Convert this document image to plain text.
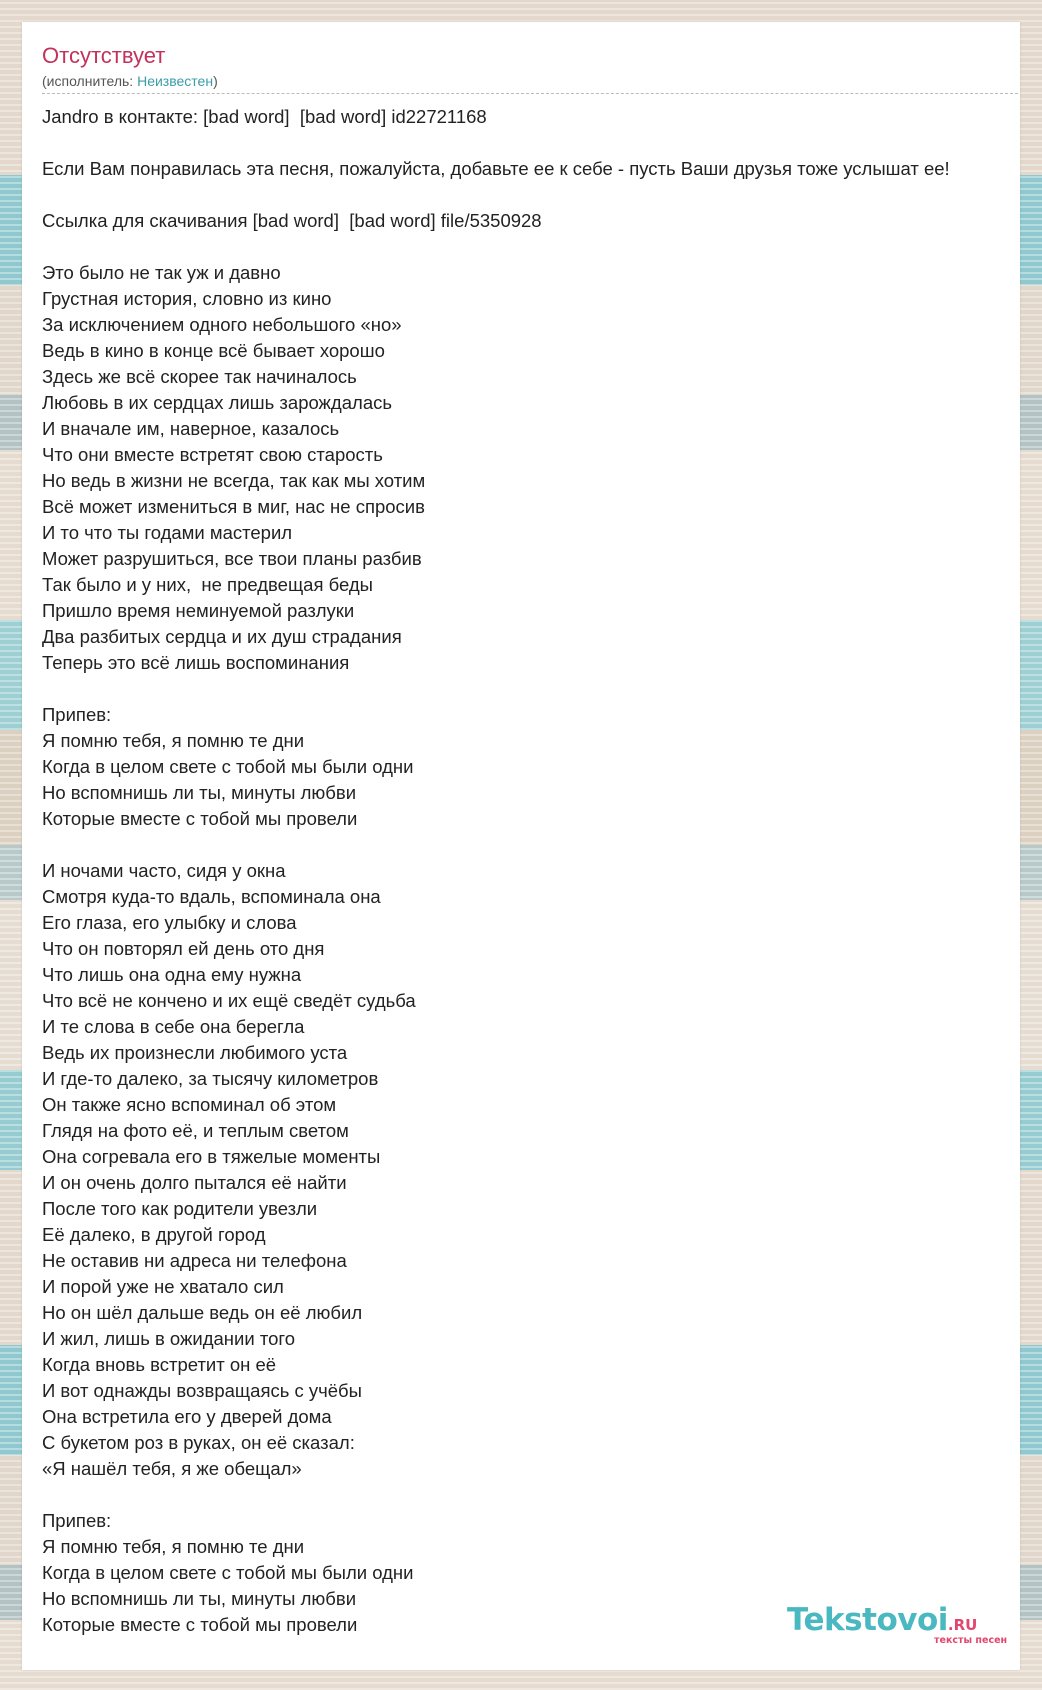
Отсутствует
(исполнитель: Неизвестен)
Jandro в контакте: [bad word]  [bad word] id22721168
Если Вам понравилась эта песня, пожалуйста, добавьте ее к себе - пусть Ваши друзья тоже услышат ее!
Ссылка для скачивания [bad word]  [bad word] file/5350928
Это было не так уж и давно
Грустная история, словно из кино
За исключением одного небольшого «но»
Ведь в кино в конце всё бывает хорошо
Здесь же всё скорее так начиналось
Любовь в их сердцах лишь зарождалась
И вначале им, наверное, казалось
Что они вместе встретят свою старость
Но ведь в жизни не всегда, так как мы хотим
Всё может измениться в миг, нас не спросив
И то что ты годами мастерил
Может разрушиться, все твои планы разбив
Так было и у них,  не предвещая беды
Пришло время неминуемой разлуки
Два разбитых сердца и их душ страдания
Теперь это всё лишь воспоминания
Припев:
Я помню тебя, я помню те дни
Когда в целом свете с тобой мы были одни
Но вспомнишь ли ты, минуты любви
Которые вместе с тобой мы провели
И ночами часто, сидя у окна
Смотря куда-то вдаль, вспоминала она
Его глаза, его улыбку и слова
Что он повторял ей день ото дня
Что лишь она одна ему нужна
Что всё не кончено и их ещё сведёт судьба
И те слова в себе она берегла
Ведь их произнесли любимого уста
И где-то далеко, за тысячу километров
Он также ясно вспоминал об этом
Глядя на фото её, и теплым светом
Она согревала его в тяжелые моменты
И он очень долго пытался её найти
После того как родители увезли
Её далеко, в другой город
Не оставив ни адреса ни телефона
И порой уже не хватало сил
Но он шёл дальше ведь он её любил
И жил, лишь в ожидании того
Когда вновь встретит он её
И вот однажды возвращаясь с учёбы
Она встретила его у дверей дома
С букетом роз в руках, он её сказал:
«Я нашёл тебя, я же обещал»
Припев:
Я помню тебя, я помню те дни
Когда в целом свете с тобой мы были одни
Но вспомнишь ли ты, минуты любви
Которые вместе с тобой мы провели	Tekstovoi.RU
тексты песен
